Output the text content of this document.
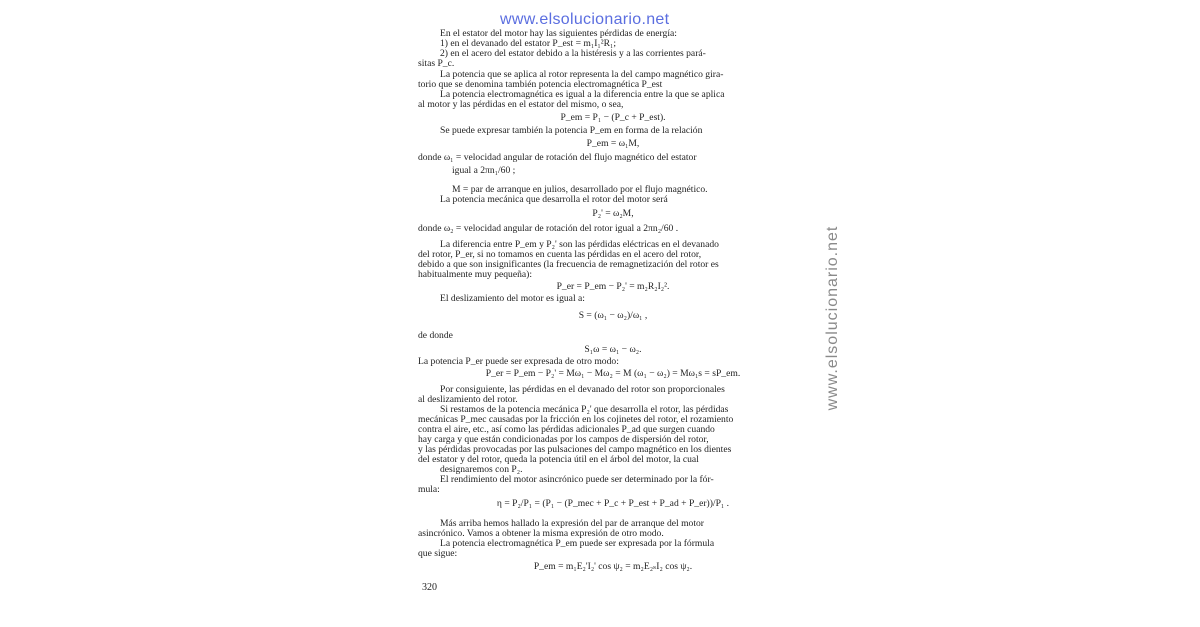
www.elsolucionario.net
www.elsolucionario.net
En el estator del motor hay las siguientes pérdidas de energía:
1) en el devanado del estator P_est = m₁I₁²R₁;
2) en el acero del estator debido a la histéresis y a las corrientes pará-
sitas P_c.
La potencia que se aplica al rotor representa la del campo magnético gira-
torio que se denomina también potencia electromagnética P_est
La potencia electromagnética es igual a la diferencia entre la que se aplica
al motor y las pérdidas en el estator del mismo, o sea,
P_em = P₁ − (P_c + P_est).
Se puede expresar también la potencia P_em en forma de la relación
P_em = ω₁M,
donde ω₁ = velocidad angular de rotación del flujo magnético del estator
igual a 2πn₁/60 ;
M = par de arranque en julios, desarrollado por el flujo magnético.
La potencia mecánica que desarrolla el rotor del motor será
P₂' = ω₂M,
donde ω₂ = velocidad angular de rotación del rotor igual a 2πn₂/60 .
La diferencia entre P_em y P₂' son las pérdidas eléctricas en el devanado
del rotor, P_er, si no tomamos en cuenta las pérdidas en el acero del rotor,
debido a que son insignificantes (la frecuencia de remagnetización del rotor es
habitualmente muy pequeña):
P_er = P_em − P₂' = m₂R₂I₂².
El deslizamiento del motor es igual a:
S = (ω₁ − ω₂)/ω₁ ,
de donde
S₁ω = ω₁ − ω₂.
La potencia P_er puede ser expresada de otro modo:
P_er = P_em − P₂' = Mω₁ − Mω₂ = M (ω₁ − ω₂) = Mω₁s = sP_em.
Por consiguiente, las pérdidas en el devanado del rotor son proporcionales
al deslizamiento del rotor.
Si restamos de la potencia mecánica P₂' que desarrolla el rotor, las pérdidas
mecánicas P_mec causadas por la fricción en los cojinetes del rotor, el rozamiento
contra el aire, etc., así como las pérdidas adicionales P_ad que surgen cuando
hay carga y que están condicionadas por los campos de dispersión del rotor,
y las pérdidas provocadas por las pulsaciones del campo magnético en los dientes
del estator y del rotor, queda la potencia útil en el árbol del motor, la cual
designaremos con P₂.
El rendimiento del motor asincrónico puede ser determinado por la fór-
mula:
η = P₂/P₁ = (P₁ − (P_mec + P_c + P_est + P_ad + P_er))/P₁ .
Más arriba hemos hallado la expresión del par de arranque del motor
asincrónico. Vamos a obtener la misma expresión de otro modo.
La potencia electromagnética P_em puede ser expresada por la fórmula
que sigue:
P_em = m₁E₂'I₂' cos ψ₂ = m₂E₂ₛI₂ cos ψ₂.
320
